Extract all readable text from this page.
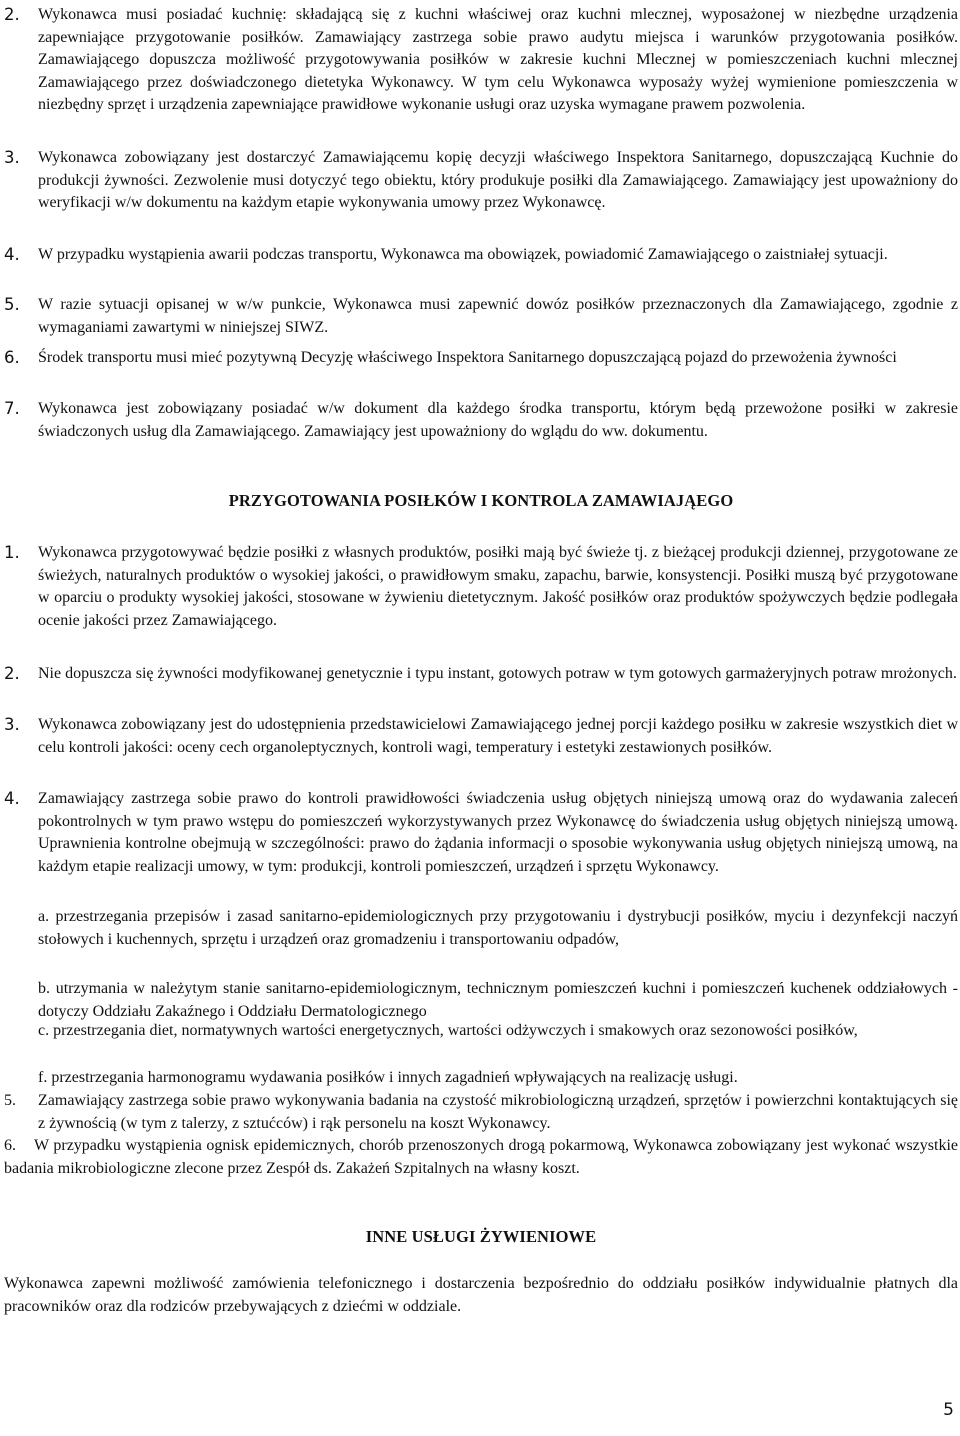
2.	Wykonawca musi posiadać kuchnię: składającą się z kuchni właściwej oraz kuchni mlecznej, wyposażonej w niezbędne urządzenia zapewniające przygotowanie posiłków. Zamawiający zastrzega sobie prawo audytu miejsca i warunków przygotowania posiłków. Zamawiającego dopuszcza możliwość przygotowywania posiłków w zakresie kuchni Mlecznej w pomieszczeniach kuchni mlecznej Zamawiającego przez doświadczonego dietetyka Wykonawcy. W tym celu Wykonawca wyposaży wyżej wymienione pomieszczenia w niezbędny sprzęt i urządzenia zapewniające prawidłowe wykonanie usługi oraz uzyska wymagane prawem pozwolenia.
3.	Wykonawca zobowiązany jest dostarczyć Zamawiającemu kopię decyzji właściwego Inspektora Sanitarnego, dopuszczającą Kuchnie do produkcji żywności. Zezwolenie musi dotyczyć tego obiektu, który produkuje posiłki dla Zamawiającego. Zamawiający jest upoważniony do weryfikacji w/w dokumentu na każdym etapie wykonywania umowy przez Wykonawcę.
4.	W przypadku wystąpienia awarii podczas transportu, Wykonawca ma obowiązek, powiadomić Zamawiającego o zaistniałej sytuacji.
5.	W razie sytuacji opisanej w w/w punkcie, Wykonawca musi zapewnić dowóz posiłków przeznaczonych dla Zamawiającego, zgodnie z wymaganiami zawartymi w niniejszej SIWZ.
6.	Środek transportu musi mieć pozytywną Decyzję właściwego Inspektora Sanitarnego dopuszczającą pojazd do przewożenia żywności
7.	Wykonawca jest zobowiązany posiadać w/w dokument dla każdego środka transportu, którym będą przewożone posiłki w zakresie świadczonych usług dla Zamawiającego. Zamawiający jest upoważniony do wglądu do ww. dokumentu.
PRZYGOTOWANIA POSIŁKÓW I KONTROLA ZAMAWIAJĄEGO
1.	Wykonawca przygotowywać będzie posiłki z własnych produktów, posiłki mają być świeże tj. z bieżącej produkcji dziennej, przygotowane ze świeżych, naturalnych produktów o wysokiej jakości, o prawidłowym smaku, zapachu, barwie, konsystencji. Posiłki muszą być przygotowane w oparciu o produkty wysokiej jakości, stosowane w żywieniu dietetycznym. Jakość posiłków oraz produktów spożywczych będzie podlegała ocenie jakości przez Zamawiającego.
2.	Nie dopuszcza się żywności modyfikowanej genetycznie i typu instant, gotowych potraw w tym gotowych garmażeryjnych potraw mrożonych.
3.	Wykonawca zobowiązany jest do udostępnienia przedstawicielowi Zamawiającego jednej porcji każdego posiłku w zakresie wszystkich diet w celu kontroli jakości: oceny cech organoleptycznych, kontroli wagi, temperatury i estetyki zestawionych posiłków.
4.	Zamawiający zastrzega sobie prawo do kontroli prawidłowości świadczenia usług objętych niniejszą umową oraz do wydawania zaleceń pokontrolnych w tym prawo wstępu do pomieszczeń wykorzystywanych przez Wykonawcę do świadczenia usług objętych niniejszą umową. Uprawnienia kontrolne obejmują w szczególności: prawo do żądania informacji o sposobie wykonywania usług objętych niniejszą umową, na każdym etapie realizacji umowy, w tym: produkcji, kontroli pomieszczeń, urządzeń i sprzętu Wykonawcy.
a. przestrzegania przepisów i zasad sanitarno-epidemiologicznych przy przygotowaniu i dystrybucji posiłków, myciu i dezynfekcji naczyń stołowych i kuchennych, sprzętu i urządzeń oraz gromadzeniu i transportowaniu odpadów,
b. utrzymania w należytym stanie sanitarno-epidemiologicznym, technicznym pomieszczeń kuchni i pomieszczeń kuchenek oddziałowych - dotyczy Oddziału Zakaźnego i Oddziału Dermatologicznego
c. przestrzegania diet, normatywnych wartości energetycznych, wartości odżywczych i smakowych oraz sezonowości posiłków,
f. przestrzegania harmonogramu wydawania posiłków i innych zagadnień wpływających na realizację usługi.
5.	Zamawiający zastrzega sobie prawo wykonywania badania na czystość mikrobiologiczną urządzeń, sprzętów i powierzchni kontaktujących się z żywnością (w tym z talerzy, z sztućców) i rąk personelu na koszt Wykonawcy.
6. W przypadku wystąpienia ognisk epidemicznych, chorób przenoszonych drogą pokarmową, Wykonawca zobowiązany jest wykonać wszystkie badania mikrobiologiczne zlecone przez Zespół ds. Zakażeń Szpitalnych na własny koszt.
INNE USŁUGI ŻYWIENIOWE
Wykonawca zapewni możliwość zamówienia telefonicznego i dostarczenia bezpośrednio do oddziału posiłków indywidualnie płatnych dla pracowników oraz dla rodziców przebywających z dziećmi w oddziale.
5
